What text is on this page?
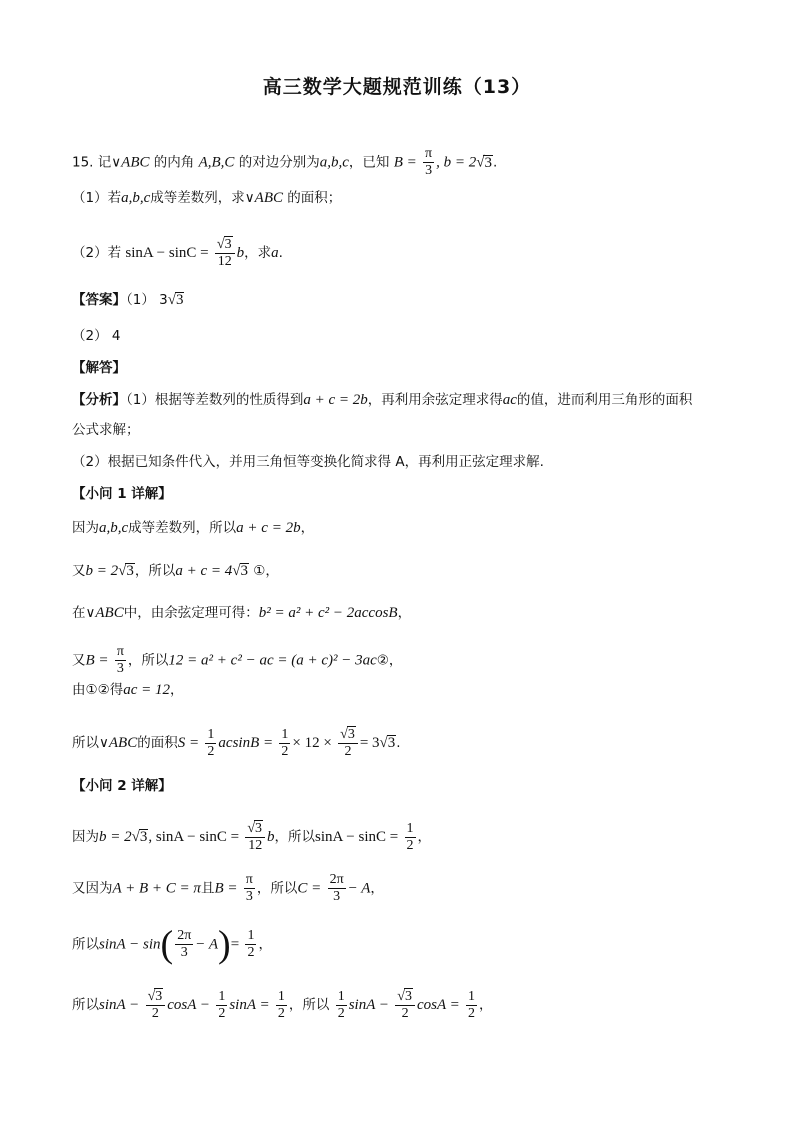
高三数学大题规范训练（13）
15. 记∨ABC 的内角 A,B,C 的对边分别为a,b,c，已知 $B = \frac{\pi}{3}$ , b = 2√3.
（1）若a,b,c成等差数列，求∨ABC 的面积；
（2）若 $\sin A - \sin C = \frac{√3}{12}$ b，求a.
【答案】（1） 3√3
（2） 4
【解答】
【分析】（1）根据等差数列的性质得到a + c = 2b，再利用余弦定理求得ac的值，进而利用三角形的面积
公式求解；
（2）根据已知条件代入，并用三角恒等变换化简求得 A，再利用正弦定理求解.
【小问 1 详解】
因为a,b,c成等差数列，所以a + c = 2b，
又b = 2√3，所以a + c = 4√3 ①，
在∨ABC中，由余弦定理可得：b² = a² + c² − 2accosB，
又$B = \frac{\pi}{3}$ ，所以12 = a² + c² − ac = (a + c)² − 3ac②，
由①②得ac = 12，
所以∨ABC的面积$S = \frac{1}{2}$ $acsinB = \frac{1}{2} \times 12 \times \frac{√3}{2} = 3√3$.
【小问 2 详解】
因为b = 2√3, $\sin A - \sin C = \frac{√3}{12}$ b，所以$\sin A - \sin C = \frac{1}{2}$ ，
又因为A + B + C = π且$B = \frac{\pi}{3}$ ，所以$C = \frac{2\pi}{3} - A$，
所以$\sin A - \sin( \frac{2\pi}{3} - A)= \frac{1}{2}$ ，
所以$\sin A - \frac{√3}{2}$ $\cos A - \frac{1}{2}$ $\sin A = \frac{1}{2}$ ，所以 $\frac{1}{2}$ $\sin A - \frac{√3}{2}$ $\cos A = \frac{1}{2}$ ，
